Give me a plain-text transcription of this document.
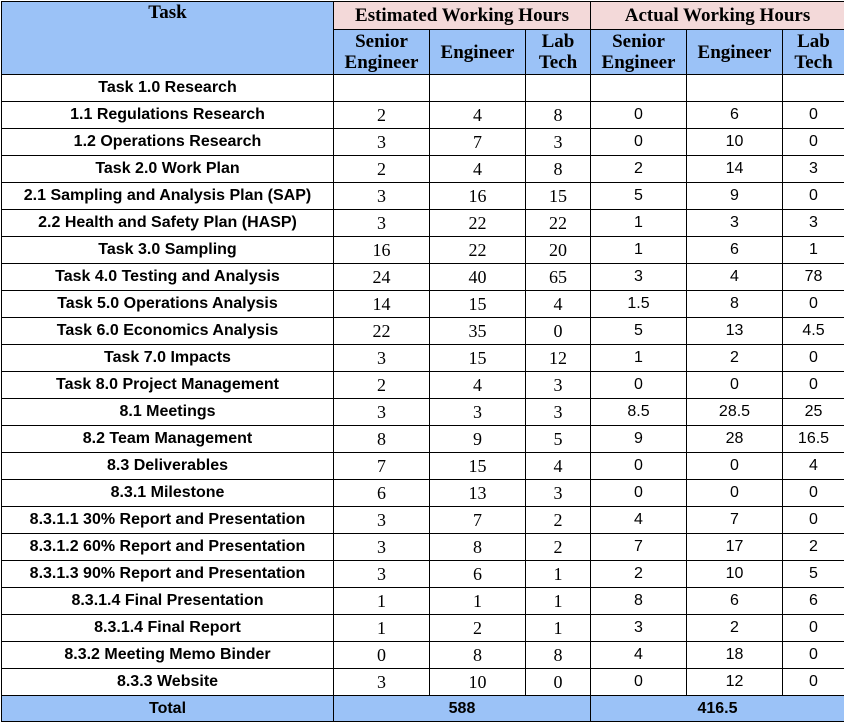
Task	Estimated Working Hours			Actual Working Hours		
	Senior Engineer	Engineer	Lab Tech	Senior Engineer	Engineer	Lab Tech
Task 1.0 Research						
1.1 Regulations Research	2	4	8	0	6	0
1.2 Operations Research	3	7	3	0	10	0
Task 2.0 Work Plan	2	4	8	2	14	3
2.1 Sampling and Analysis Plan (SAP)	3	16	15	5	9	0
2.2 Health and Safety Plan (HASP)	3	22	22	1	3	3
Task 3.0 Sampling	16	22	20	1	6	1
Task 4.0 Testing and Analysis	24	40	65	3	4	78
Task 5.0 Operations Analysis	14	15	4	1.5	8	0
Task 6.0 Economics Analysis	22	35	0	5	13	4.5
Task 7.0 Impacts	3	15	12	1	2	0
Task 8.0 Project Management	2	4	3	0	0	0
8.1 Meetings	3	3	3	8.5	28.5	25
8.2 Team Management	8	9	5	9	28	16.5
8.3 Deliverables	7	15	4	0	0	4
8.3.1 Milestone	6	13	3	0	0	0
8.3.1.1 30% Report and Presentation	3	7	2	4	7	0
8.3.1.2 60% Report and Presentation	3	8	2	7	17	2
8.3.1.3 90% Report and Presentation	3	6	1	2	10	5
8.3.1.4 Final Presentation	1	1	1	8	6	6
8.3.1.4 Final Report	1	2	1	3	2	0
8.3.2 Meeting Memo Binder	0	8	8	4	18	0
8.3.3 Website	3	10	0	0	12	0
Total	588			416.5		
